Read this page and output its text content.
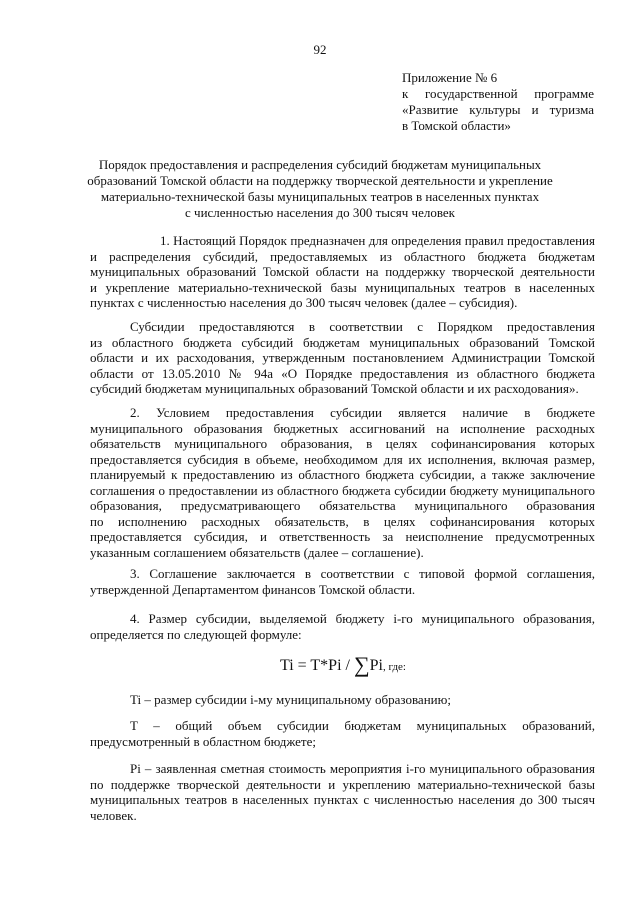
92
Приложение № 6
к государственной программе
«Развитие культуры и туризма
в Томской области»
Порядок предоставления и распределения субсидий бюджетам муниципальных
образований Томской области на поддержку творческой деятельности и укрепление
материально-технической базы муниципальных театров в населенных пунктах
с численностью населения до 300 тысяч человек
1. Настоящий Порядок предназначен для определения правил предоставления
и распределения субсидий, предоставляемых из областного бюджета бюджетам
муниципальных образований Томской области на поддержку творческой деятельности
и укрепление материально-технической базы муниципальных театров в населенных
пунктах с численностью населения до 300 тысяч человек (далее – субсидия).
Субсидии предоставляются в соответствии с Порядком предоставления
из областного бюджета субсидий бюджетам муниципальных образований Томской
области и их расходования, утвержденным постановлением Администрации Томской
области от 13.05.2010 № 94а «О Порядке предоставления из областного бюджета
субсидий бюджетам муниципальных образований Томской области и их расходования».
2. Условием предоставления субсидии является наличие в бюджете
муниципального образования бюджетных ассигнований на исполнение расходных
обязательств муниципального образования, в целях софинансирования которых
предоставляется субсидия в объеме, необходимом для их исполнения, включая размер,
планируемый к предоставлению из областного бюджета субсидии, а также заключение
соглашения о предоставлении из областного бюджета субсидии бюджету муниципального
образования, предусматривающего обязательства муниципального образования
по исполнению расходных обязательств, в целях софинансирования которых
предоставляется субсидия, и ответственность за неисполнение предусмотренных
указанным соглашением обязательств (далее – соглашение).
3. Соглашение заключается в соответствии с типовой формой соглашения,
утвержденной Департаментом финансов Томской области.
4. Размер субсидии, выделяемой бюджету i-го муниципального образования,
определяется по следующей формуле:
Ti = T*Pi / ∑Pi, где:
Ti – размер субсидии i-му муниципальному образованию;
T – общий объем субсидии бюджетам муниципальных образований,
предусмотренный в областном бюджете;
Pi – заявленная сметная стоимость мероприятия i-го муниципального образования
по поддержке творческой деятельности и укреплению материально-технической базы
муниципальных театров в населенных пунктах с численностью населения до 300 тысяч
человек.
